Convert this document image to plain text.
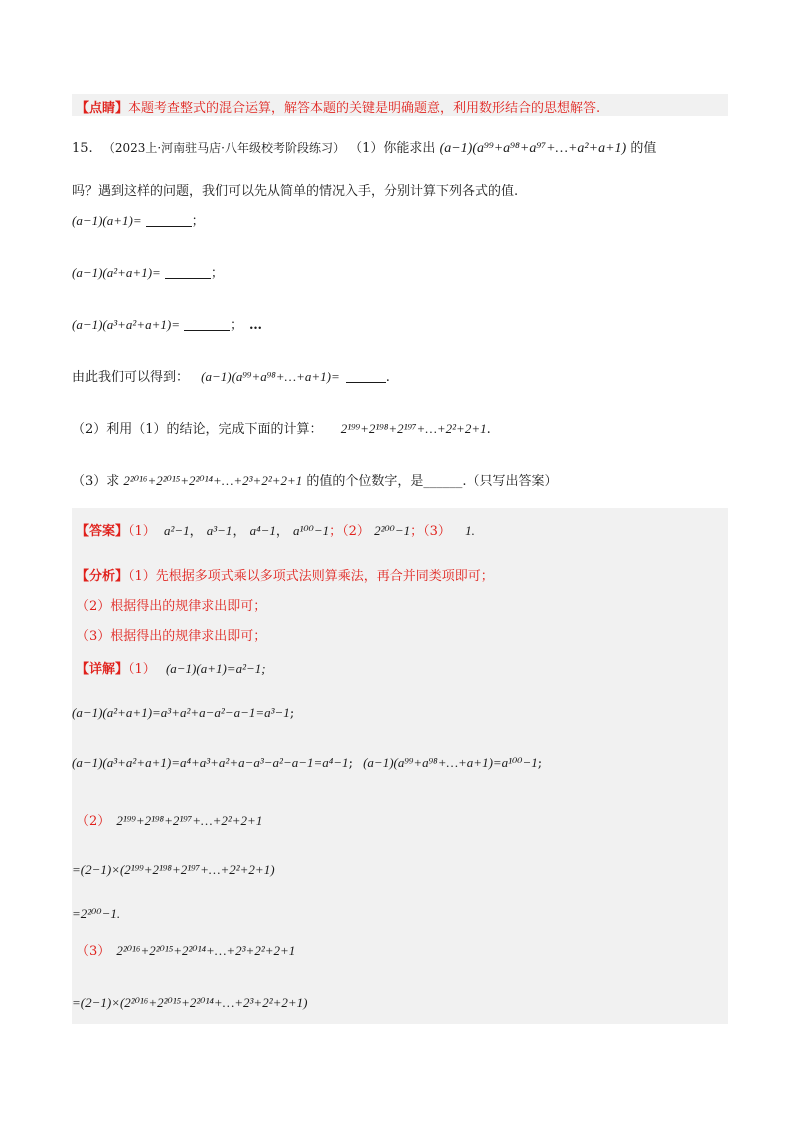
【点睛】本题考查整式的混合运算，解答本题的关键是明确题意，利用数形结合的思想解答.
15. （2023上·河南驻马店·八年级校考阶段练习） （1）你能求出 (a−1)(a⁹⁹+a⁹⁸+a⁹⁷+…+a²+a+1) 的值
吗？遇到这样的问题，我们可以先从简单的情况入手，分别计算下列各式的值.
(a−1)(a+1)=	；
(a−1)(a²+a+1)=	；
(a−1)(a³+a²+a+1)=	； …
由此我们可以得到： (a−1)(a⁹⁹+a⁹⁸+…+a+1)=	.
（2）利用（1）的结论，完成下面的计算： 2¹⁹⁹+2¹⁹⁸+2¹⁹⁷+…+2²+2+1.
（3）求 2²⁰¹⁶+2²⁰¹⁵+2²⁰¹⁴+…+2³+2²+2+1 的值的个位数字，是______.（只写出答案）
【答案】（1） a²−1， a³−1， a⁴−1， a¹⁰⁰−1；（2） 2²⁰⁰−1；（3） 1.
【分析】（1）先根据多项式乘以多项式法则算乘法，再合并同类项即可；
（2）根据得出的规律求出即可；
（3）根据得出的规律求出即可；
【详解】（1） (a−1)(a+1)=a²−1;
(a−1)(a²+a+1)=a³+a²+a−a²−a−1=a³−1;
(a−1)(a³+a²+a+1)=a⁴+a³+a²+a−a³−a²−a−1=a⁴−1; (a−1)(a⁹⁹+a⁹⁸+…+a+1)=a¹⁰⁰−1;
（2） 2¹⁹⁹+2¹⁹⁸+2¹⁹⁷+…+2²+2+1
=(2−1)×(2¹⁹⁹+2¹⁹⁸+2¹⁹⁷+…+2²+2+1)
=2²⁰⁰−1.
（3） 2²⁰¹⁶+2²⁰¹⁵+2²⁰¹⁴+…+2³+2²+2+1
=(2−1)×(2²⁰¹⁶+2²⁰¹⁵+2²⁰¹⁴+…+2³+2²+2+1)
